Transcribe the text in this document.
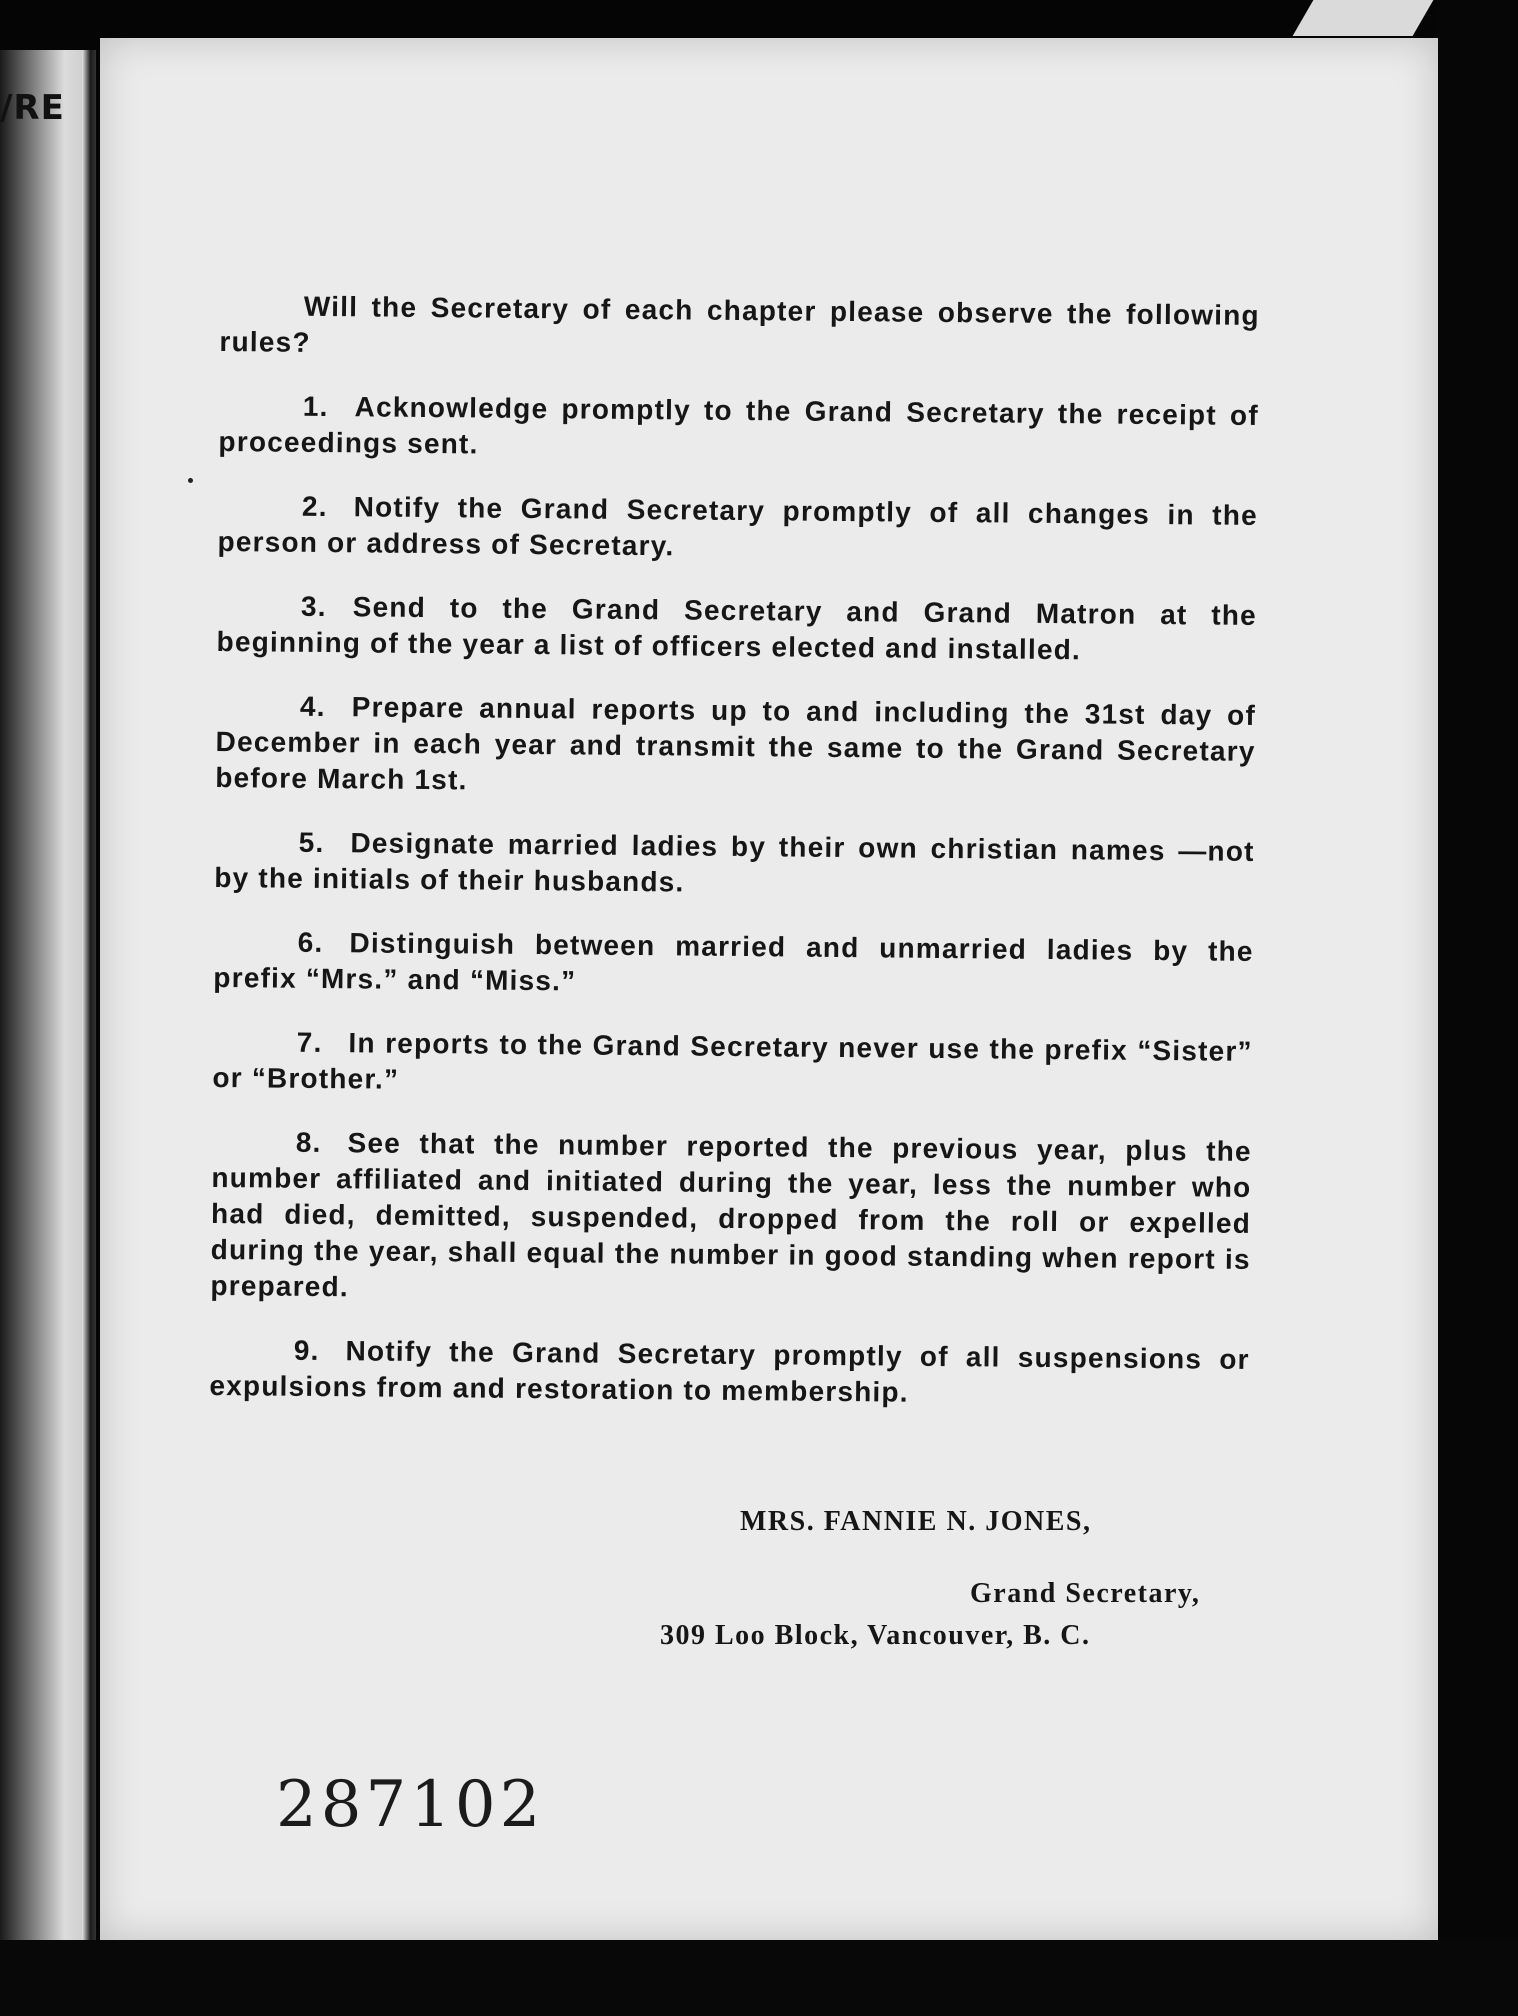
/RE

Will the Secretary of each chapter please observe the following rules?

1. Acknowledge promptly to the Grand Secretary the receipt of proceedings sent.

2. Notify the Grand Secretary promptly of all changes in the person or address of Secretary.

3. Send to the Grand Secretary and Grand Matron at the beginning of the year a list of officers elected and installed.

4. Prepare annual reports up to and including the 31st day of December in each year and transmit the same to the Grand Secretary before March 1st.

5. Designate married ladies by their own christian names —not by the initials of their husbands.

6. Distinguish between married and unmarried ladies by the prefix “Mrs.” and “Miss.”

7. In reports to the Grand Secretary never use the prefix “Sister” or “Brother.”

8. See that the number reported the previous year, plus the number affiliated and initiated during the year, less the number who had died, demitted, suspended, dropped from the roll or expelled during the year, shall equal the number in good standing when report is prepared.

9. Notify the Grand Secretary promptly of all suspensions or expulsions from and restoration to membership.

MRS. FANNIE N. JONES,
Grand Secretary,
309 Loo Block, Vancouver, B. C.
287102
